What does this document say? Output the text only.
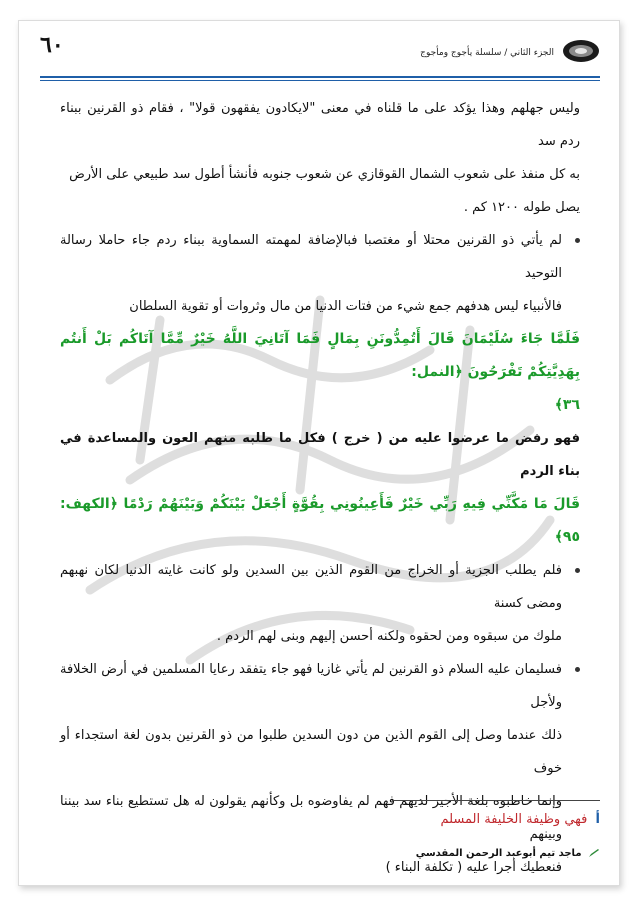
٦٠	الجزء الثاني / سلسلة يأجوج ومأجوج

وليس جهلهم وهذا يؤكد على ما قلناه في معنى "لايكادون يفقهون قولا" ، فقام ذو القرنين ببناء ردم سد
به كل منفذ على شعوب الشمال القوقازي عن شعوب جنوبه فأنشأ أطول سد طبيعي على الأرض
يصل طوله ١٢٠٠ كم .

لم يأتي ذو القرنين محتلا أو مغتصبا فبالإضافة لمهمته السماوية ببناء ردم جاء حاملا رسالة التوحيد
فالأنبياء ليس هدفهم جمع شيء من فتات الدنيا من مال وثروات أو تقوية السلطان

فَلَمَّا جَاءَ سُلَيْمَانَ قَالَ أَتُمِدُّونَنِ بِمَالٍ فَمَا آتَانِيَ اللَّهُ خَيْرٌ مِّمَّا آتَاكُم بَلْ أَنتُم بِهَدِيَّتِكُمْ تَفْرَحُونَ ﴿النمل:
٣٦﴾

فهو رفض ما عرضوا عليه من ( خرج ) فكل ما طلبه منهم العون والمساعدة في بناء الردم

قَالَ مَا مَكَّنِّي فِيهِ رَبِّي خَيْرٌ فَأَعِينُونِي بِقُوَّةٍ أَجْعَلْ بَيْنَكُمْ وَبَيْنَهُمْ رَدْمًا ﴿الكهف: ٩٥﴾

فلم يطلب الجزية أو الخراج من القوم الذين بين السدين ولو كانت غايته الدنيا لكان نهبهم ومضى كسنة
ملوك من سبقوه ومن لحقوه ولكنه أحسن إليهم وبنى لهم الردم .
فسليمان عليه السلام ذو القرنين لم يأتي غازيا فهو جاء يتفقد رعايا المسلمين في أرض الخلافة ولأجل
ذلك عندما وصل إلى القوم الذين من دون السدين طلبوا من ذو القرنين بدون لغة استجداء أو خوف
وإنما خاطبوه بلغة الأجير لديهم فهم لم يفاوضوه بل وكأنهم يقولون له هل تستطيع بناء سد بيننا وبينهم
فنعطيك أجرا عليه ( تكلفة البناء )
أ فهي وظيفة الخليفة المسلم
ماجد تيم أبوعبد الرحمن المقدسي
